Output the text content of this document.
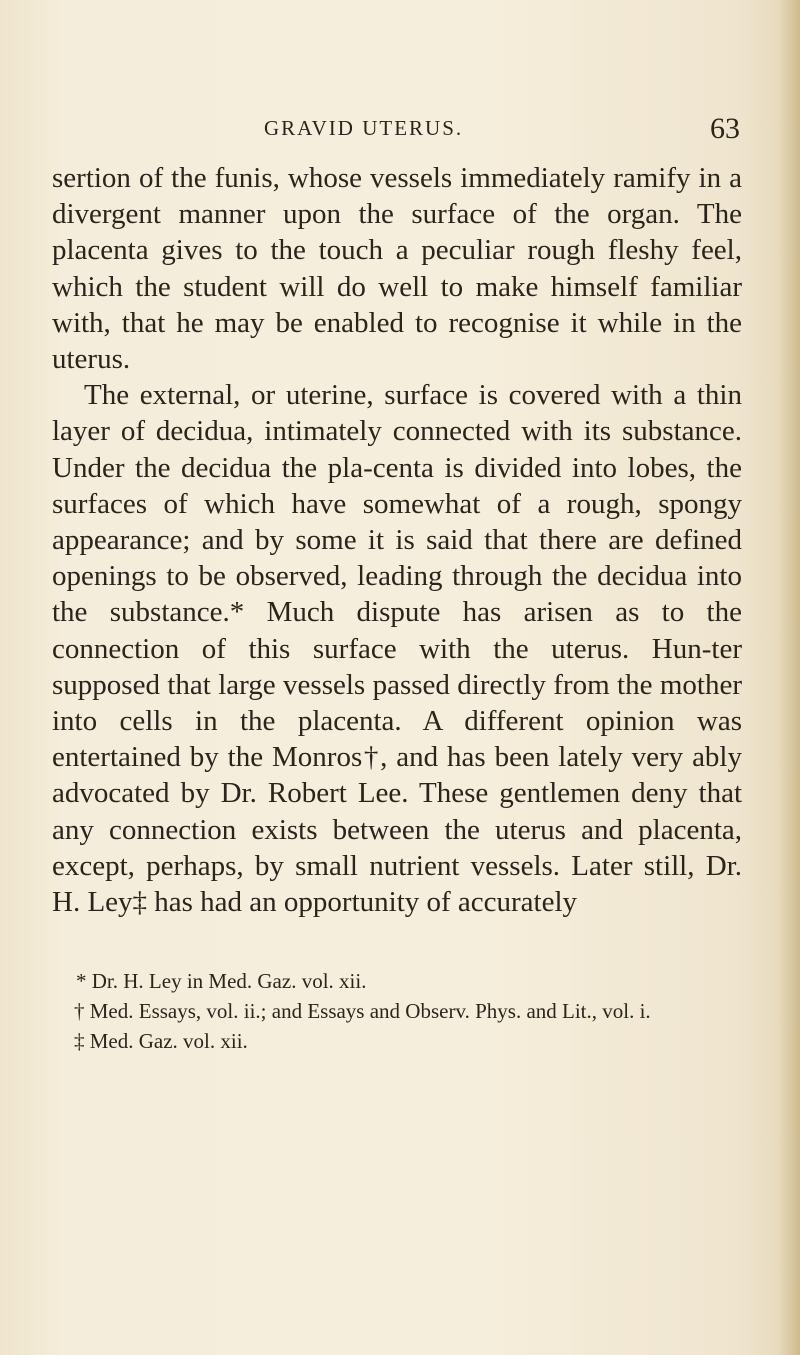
GRAVID UTERUS.	63

sertion of the funis, whose vessels immediately ramify in a divergent manner upon the surface of the organ. The placenta gives to the touch a peculiar rough fleshy feel, which the student will do well to make himself familiar with, that he may be enabled to recognise it while in the uterus.

The external, or uterine, surface is covered with a thin layer of decidua, intimately connected with its substance. Under the decidua the pla-centa is divided into lobes, the surfaces of which have somewhat of a rough, spongy appearance; and by some it is said that there are defined openings to be observed, leading through the decidua into the substance.* Much dispute has arisen as to the connection of this surface with the uterus. Hun-ter supposed that large vessels passed directly from the mother into cells in the placenta. A different opinion was entertained by the Monros†, and has been lately very ably advocated by Dr. Robert Lee. These gentlemen deny that any connection exists between the uterus and placenta, except, perhaps, by small nutrient vessels. Later still, Dr. H. Ley‡ has had an opportunity of accurately

* Dr. H. Ley in Med. Gaz. vol. xii.

† Med. Essays, vol. ii.; and Essays and Observ. Phys. and Lit., vol. i.

‡ Med. Gaz. vol. xii.
